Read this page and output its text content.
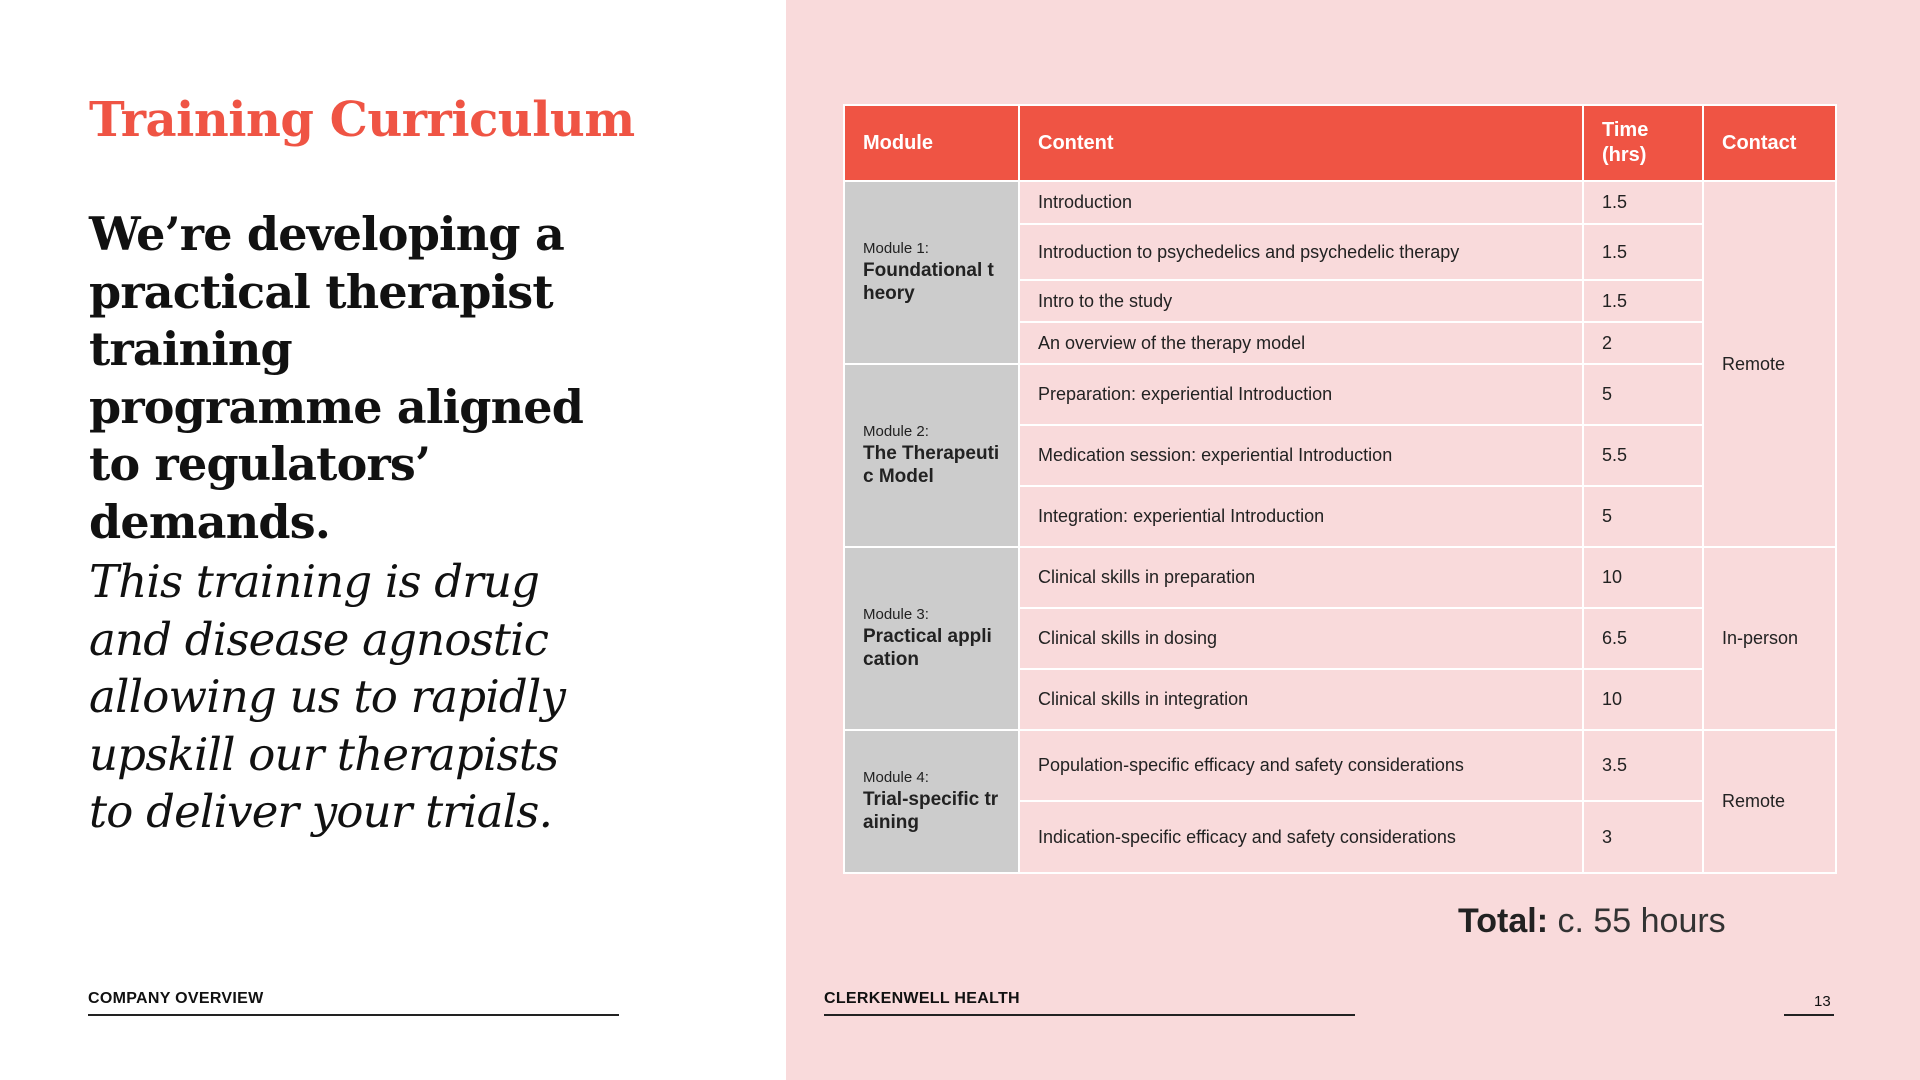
Training Curriculum

We’re developing a practical therapist training programme aligned to regulators’ demands.

This training is drug and disease agnostic allowing us to rapidly upskill our therapists to deliver your trials.

COMPANY OVERVIEW
Module	Content	Time (hrs)	Contact

Module 1:
Foundational theory	Introduction	1.5	Remote
	Introduction to psychedelics and psychedelic therapy	1.5	
	Intro to the study	1.5	
	An overview of the therapy model	2	

Module 2:
The Therapeutic Model	Preparation: experiential Introduction	5	
	Medication session: experiential Introduction	5.5	
	Integration: experiential Introduction	5	

Module 3:
Practical application	Clinical skills in preparation	10	In-person
	Clinical skills in dosing	6.5	
	Clinical skills in integration	10	

Module 4:
Trial-specific training	Population-specific efficacy and safety considerations	3.5	Remote
	Indication-specific efficacy and safety considerations	3	
Total: c. 55 hours
CLERKENWELL HEALTH	13
